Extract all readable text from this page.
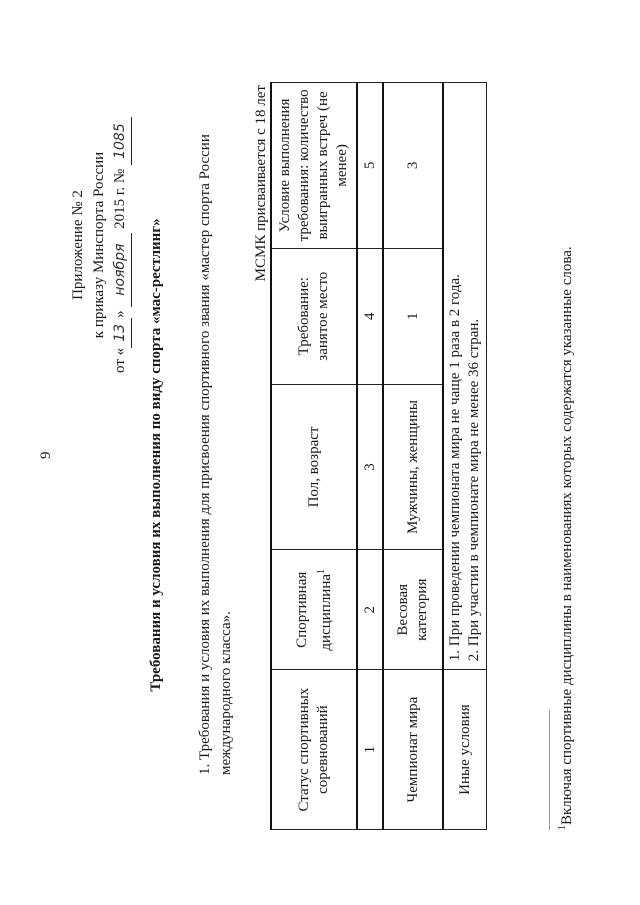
9
Приложение № 2 к приказу Минспорта России
от «13» ноября 2015 г. № 1085
Требования и условия их выполнения по виду спорта «мас-рестлинг» 1. Требования и условия их выполнения для присвоения спортивного звания «мастер спорта России международного класса».
МСМК присваивается с 18 лет
Статус спортивных соревнований	Спортивная дисциплина$^1$	Пол, возраст	Требование: занятое место	Условие выполнения требования: количество выигранных встреч (не менее)
1	2	3	4	5
Чемпионат мира	Весовая категория	Мужчины, женщины	1	3
Иные условия	1. При проведении чемпионата мира не чаще 1 раза в 2 года. 2. При участии в чемпионате мира не менее 36 стран.			
$^1$Включая спортивные дисциплины в наименованиях которых содержатся указанные слова.
